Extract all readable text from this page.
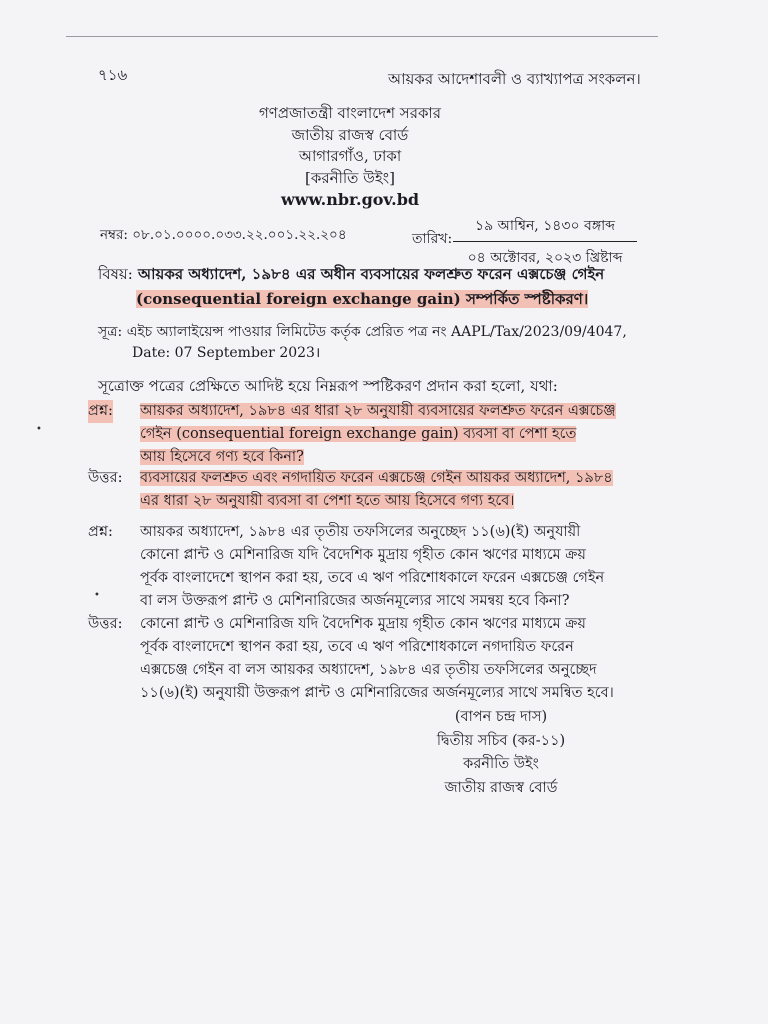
৭১৬	আয়কর আদেশাবলী ও ব্যাখ্যাপত্র সংকলন।
গণপ্রজাতন্ত্রী বাংলাদেশ সরকার
জাতীয় রাজস্ব বোর্ড
আগারগাঁও, ঢাকা
[করনীতি উইং]
www.nbr.gov.bd
নম্বর: ০৮.০১.০০০০.০৩৩.২২.০০১.২২.২০৪	তারিখ:
১৯ আশ্বিন, ১৪৩০ বঙ্গাব্দ
০৪ অক্টোবর, ২০২৩ খ্রিষ্টাব্দ
বিষয়: আয়কর অধ্যাদেশ, ১৯৮৪ এর অধীন ব্যবসায়ের ফলশ্রুত ফরেন এক্সচেঞ্জ গেইন
(consequential foreign exchange gain) সম্পর্কিত স্পষ্টীকরণ।
সূত্র: এইচ অ্যালাইয়েন্স পাওয়ার লিমিটেড কর্তৃক প্রেরিত পত্র নং AAPL/Tax/2023/09/4047,
Date: 07 September 2023।
সূত্রোক্ত পত্রের প্রেক্ষিতে আদিষ্ট হয়ে নিম্নরূপ স্পষ্টিকরণ প্রদান করা হলো, যথা:
প্রশ্ন: আয়কর অধ্যাদেশ, ১৯৮৪ এর ধারা ২৮ অনুযায়ী ব্যবসায়ের ফলশ্রুত ফরেন এক্সচেঞ্জ
গেইন (consequential foreign exchange gain) ব্যবসা বা পেশা হতে
আয় হিসেবে গণ্য হবে কিনা?
উত্তর: ব্যবসায়ের ফলশ্রুত এবং নগদায়িত ফরেন এক্সচেঞ্জ গেইন আয়কর অধ্যাদেশ, ১৯৮৪
এর ধারা ২৮ অনুযায়ী ব্যবসা বা পেশা হতে আয় হিসেবে গণ্য হবে।
প্রশ্ন: আয়কর অধ্যাদেশ, ১৯৮৪ এর তৃতীয় তফসিলের অনুচ্ছেদ ১১(৬)(ই) অনুযায়ী
কোনো প্লান্ট ও মেশিনারিজ যদি বৈদেশিক মুদ্রায় গৃহীত কোন ঋণের মাধ্যমে ক্রয়
পূর্বক বাংলাদেশে স্থাপন করা হয়, তবে এ ঋণ পরিশোধকালে ফরেন এক্সচেঞ্জ গেইন
বা লস উক্তরূপ প্লান্ট ও মেশিনারিজের অর্জনমূল্যের সাথে সমন্বয় হবে কিনা?
উত্তর: কোনো প্লান্ট ও মেশিনারিজ যদি বৈদেশিক মুদ্রায় গৃহীত কোন ঋণের মাধ্যমে ক্রয়
পূর্বক বাংলাদেশে স্থাপন করা হয়, তবে এ ঋণ পরিশোধকালে নগদায়িত ফরেন
এক্সচেঞ্জ গেইন বা লস আয়কর অধ্যাদেশ, ১৯৮৪ এর তৃতীয় তফসিলের অনুচ্ছেদ
১১(৬)(ই) অনুযায়ী উক্তরূপ প্লান্ট ও মেশিনারিজের অর্জনমূল্যের সাথে সমন্বিত হবে।
(বাপন চন্দ্র দাস)
দ্বিতীয় সচিব (কর-১১)
করনীতি উইং
জাতীয় রাজস্ব বোর্ড
•
•
